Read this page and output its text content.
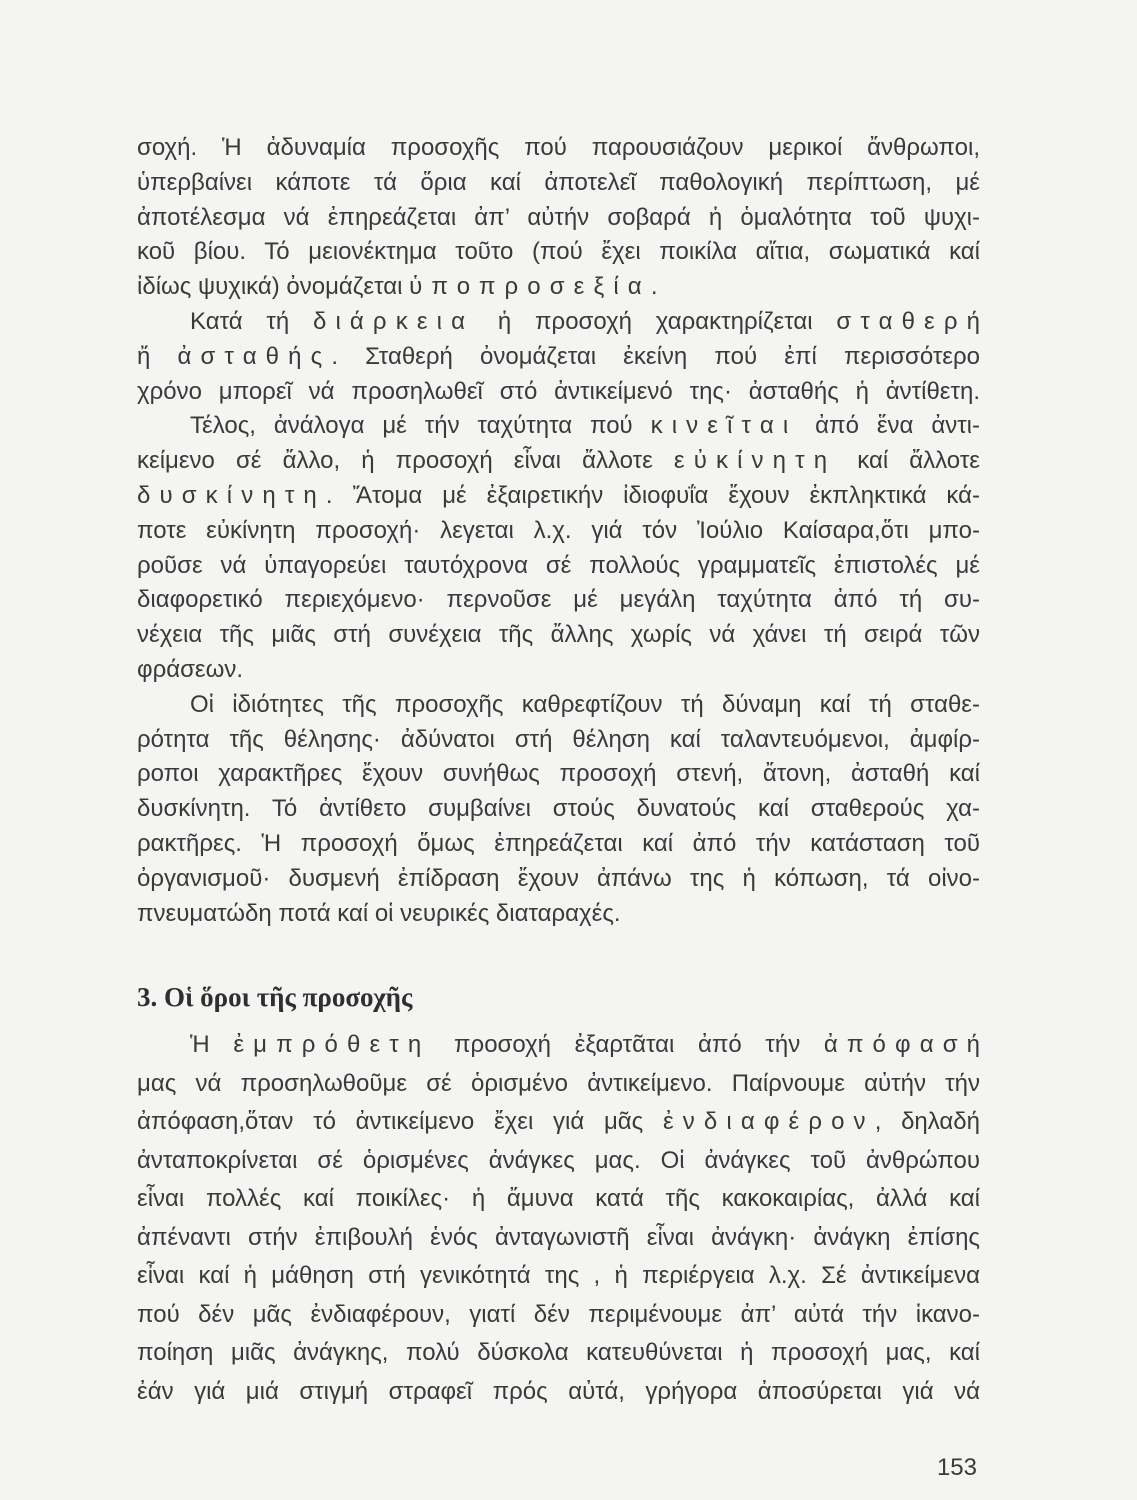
σοχή. Ἡ ἀδυναμία προσοχῆς πού παρουσιάζουν μερικοί ἄνθρωποι,
ὑπερβαίνει κάποτε τά ὅρια καί ἀποτελεῖ παθολογική περίπτωση, μέ
ἀποτέλεσμα νά ἐπηρεάζεται ἀπ’ αὐτήν σοβαρά ἡ ὁμαλότητα τοῦ ψυχι-
κοῦ βίου. Τό μειονέκτημα τοῦτο (πού ἔχει ποικίλα αἴτια, σωματικά καί
ἰδίως ψυχικά) ὀνομάζεται ὑποπροσεξία.
Κατά τή διάρκεια ἡ προσοχή χαρακτηρίζεται σταθερή
ἤ ἀσταθής. Σταθερή ὀνομάζεται ἐκείνη πού ἐπί περισσότερο
χρόνο μπορεῖ νά προσηλωθεῖ στό ἀντικείμενό της· ἀσταθής ἡ ἀντίθετη.
Τέλος, ἀνάλογα μέ τήν ταχύτητα πού κινεῖται ἀπό ἕνα ἀντι-
κείμενο σέ ἄλλο, ἡ προσοχή εἶναι ἄλλοτε εὐκίνητη καί ἄλλοτε
δυσκίνητη. Ἄτομα μέ ἐξαιρετικήν ἰδιοφυΐα ἔχουν ἐκπληκτικά κά-
ποτε εὐκίνητη προσοχή· λεγεται λ.χ. γιά τόν Ἰούλιο Καίσαρα,ὅτι μπο-
ροῦσε νά ὑπαγορεύει ταυτόχρονα σέ πολλούς γραμματεῖς ἐπιστολές μέ
διαφορετικό περιεχόμενο· περνοῦσε μέ μεγάλη ταχύτητα ἀπό τή συ-
νέχεια τῆς μιᾶς στή συνέχεια τῆς ἄλλης χωρίς νά χάνει τή σειρά τῶν
φράσεων.
Οἱ ἰδιότητες τῆς προσοχῆς καθρεφτίζουν τή δύναμη καί τή σταθε-
ρότητα τῆς θέλησης· ἀδύνατοι στή θέληση καί ταλαντευόμενοι, ἀμφίρ-
ροποι χαρακτῆρες ἔχουν συνήθως προσοχή στενή, ἄτονη, ἀσταθή καί
δυσκίνητη. Τό ἀντίθετο συμβαίνει στούς δυνατούς καί σταθερούς χα-
ρακτῆρες. Ἡ προσοχή ὅμως ἐπηρεάζεται καί ἀπό τήν κατάσταση τοῦ
ὀργανισμοῦ· δυσμενή ἐπίδραση ἔχουν ἀπάνω της ἡ κόπωση, τά οἰνο-
πνευματώδη ποτά καί οἱ νευρικές διαταραχές.
3. Οἱ ὅροι τῆς προσοχῆς
Ἡ ἐμπρόθετη προσοχή ἐξαρτᾶται ἀπό τήν ἀπόφασή
μας νά προσηλωθοῦμε σέ ὁρισμένο ἀντικείμενο. Παίρνουμε αὐτήν τήν
ἀπόφαση,ὅταν τό ἀντικείμενο ἔχει γιά μᾶς ἐνδιαφέρον, δηλαδή
ἀνταποκρίνεται σέ ὁρισμένες ἀνάγκες μας. Οἱ ἀνάγκες τοῦ ἀνθρώπου
εἶναι πολλές καί ποικίλες· ἡ ἄμυνα κατά τῆς κακοκαιρίας, ἀλλά καί
ἀπέναντι στήν ἐπιβουλή ἑνός ἀνταγωνιστῆ εἶναι ἀνάγκη· ἀνάγκη ἐπίσης
εἶναι καί ἡ μάθηση στή γενικότητά της , ἡ περιέργεια λ.χ. Σέ ἀντικείμενα
πού δέν μᾶς ἐνδιαφέρουν, γιατί δέν περιμένουμε ἀπ’ αὐτά τήν ἱκανο-
ποίηση μιᾶς ἀνάγκης, πολύ δύσκολα κατευθύνεται ἡ προσοχή μας, καί
ἐάν γιά μιά στιγμή στραφεῖ πρός αὐτά, γρήγορα ἀποσύρεται γιά νά
153
